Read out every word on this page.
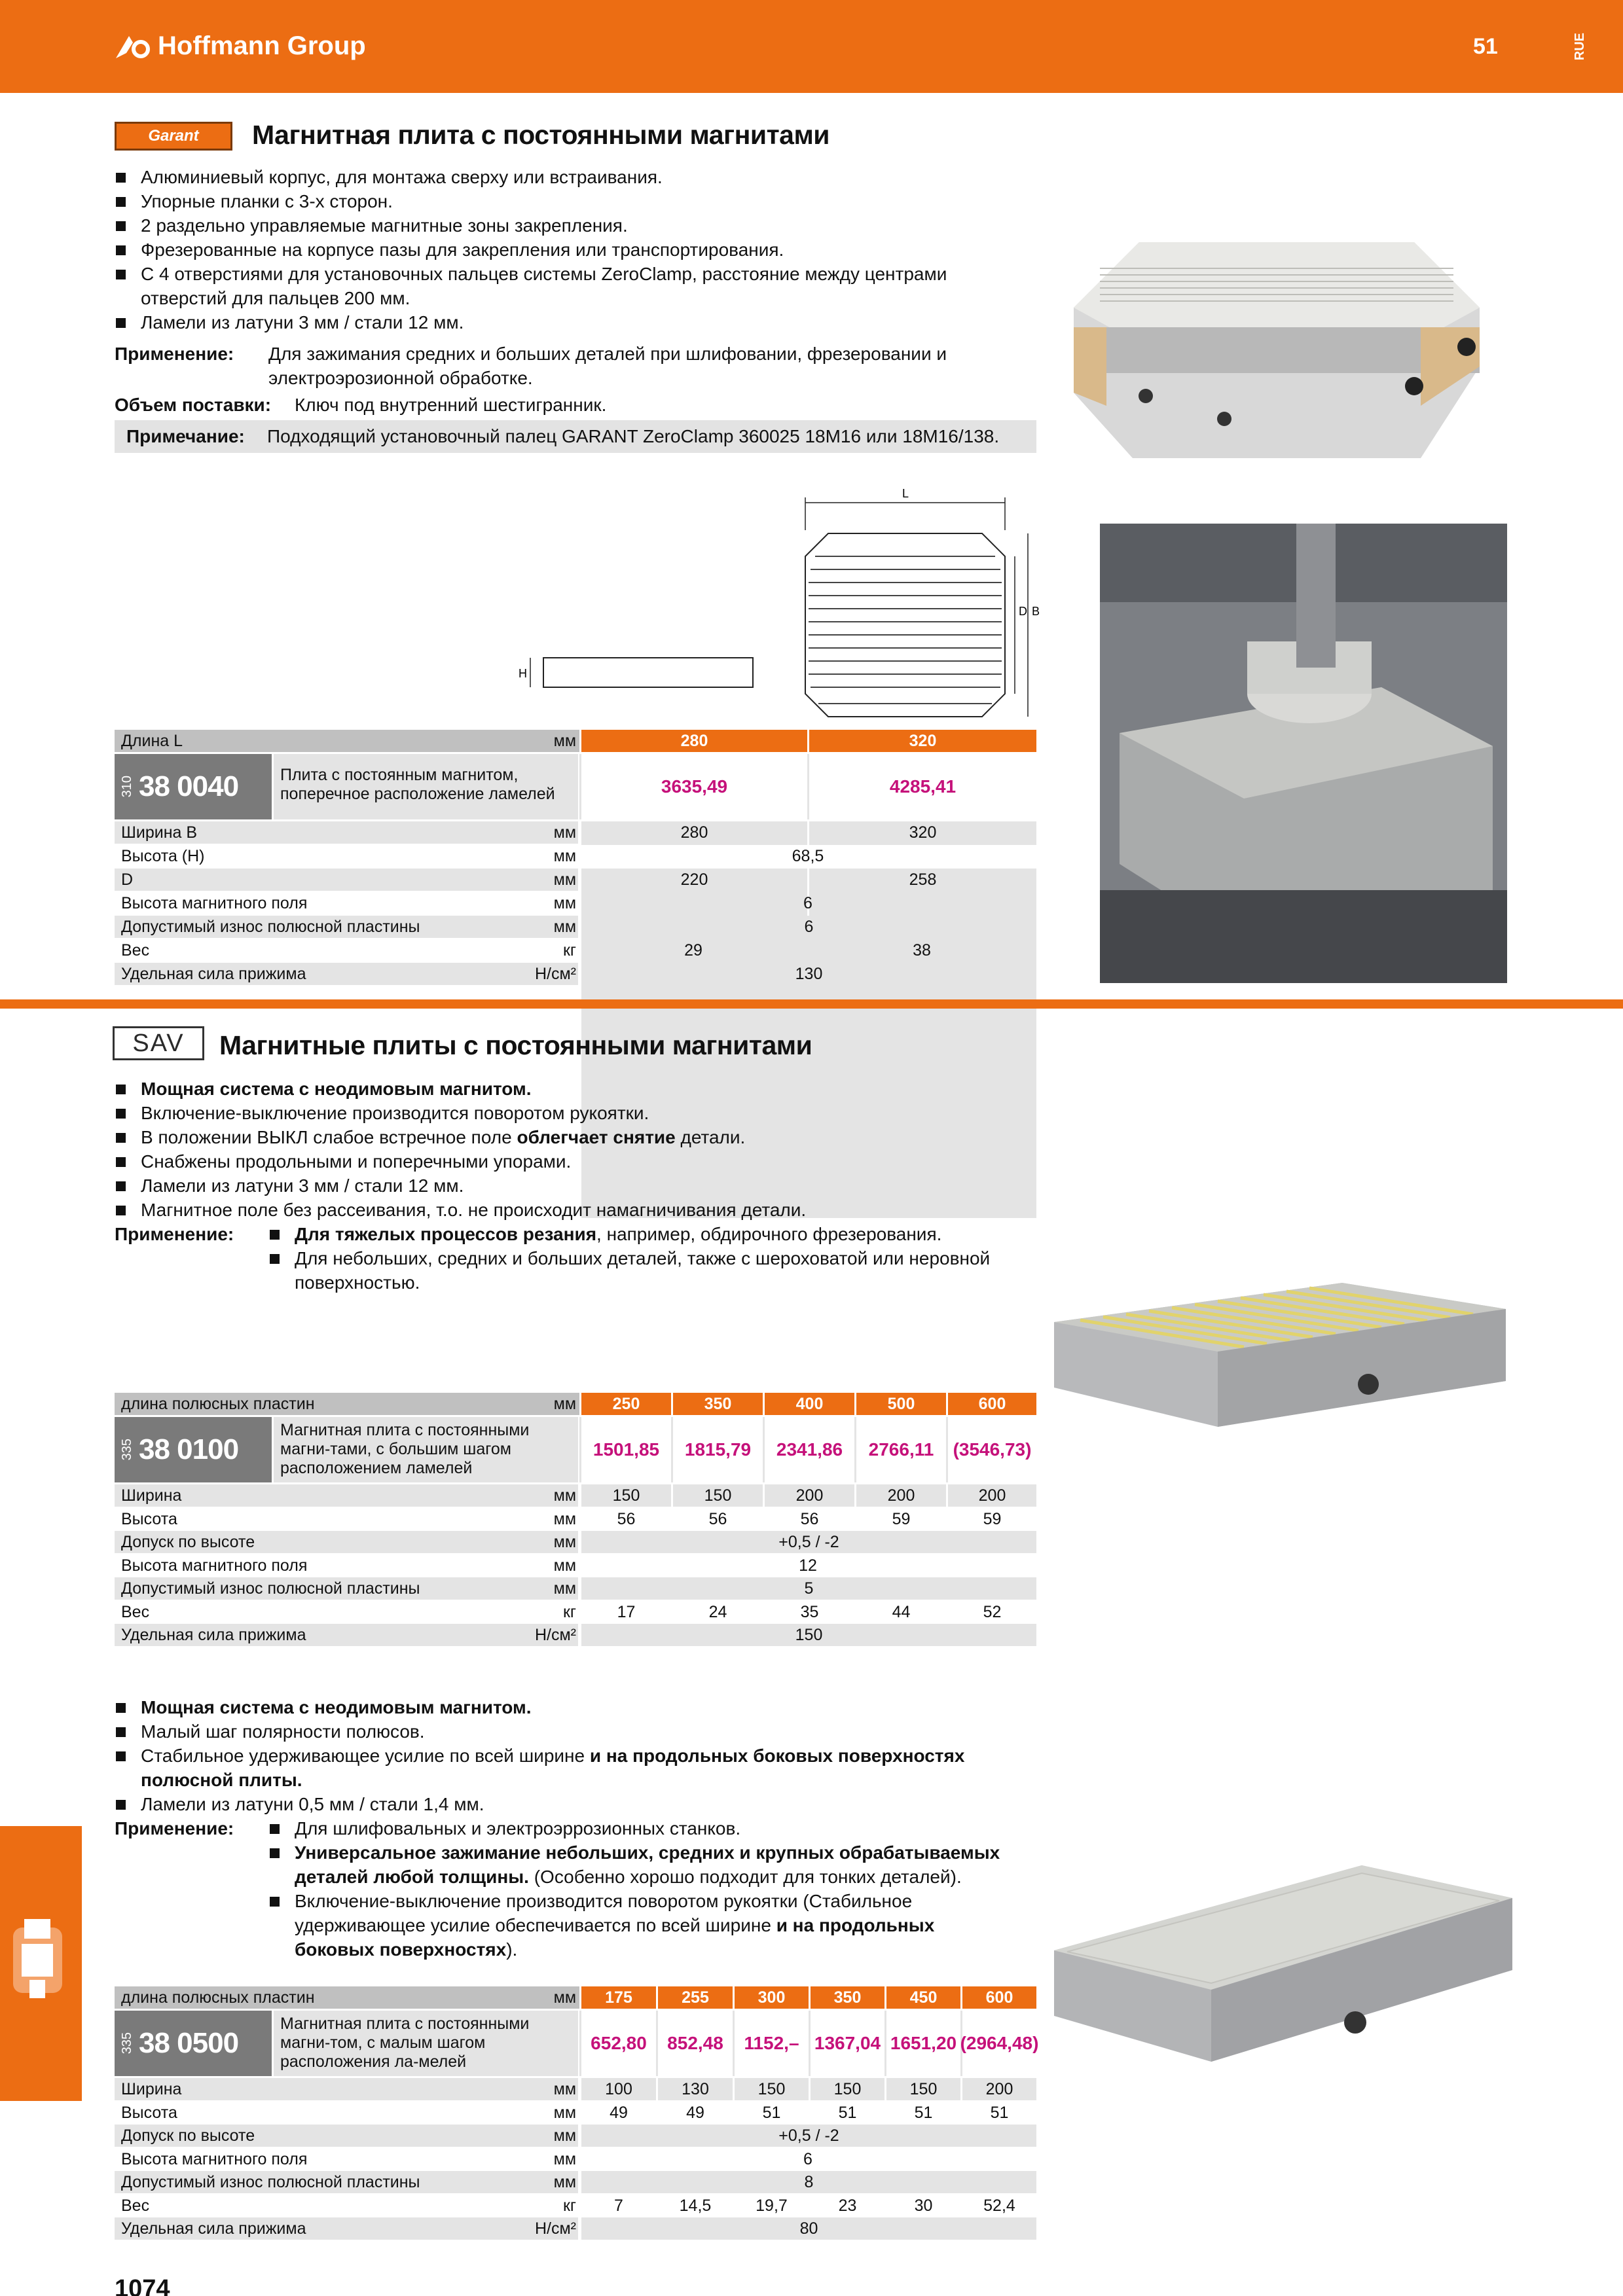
Hoffmann Group	51	RUE
Garant Магнитная плита с постоянными магнитами
Алюминиевый корпус, для монтажа сверху или встраивания.
Упорные планки с 3-х сторон.
2 раздельно управляемые магнитные зоны закрепления.
Фрезерованные на корпусе пазы для закрепления или транспортирования.
С 4 отверстиями для установочных пальцев системы ZeroClamp, расстояние между центрами
отверстий для пальцев 200 мм.
Ламели из латуни 3 мм / стали 12 мм.
Применение:	Для зажимания средних и больших деталей при шлифовании, фрезеровании и
электроэрозионной обработке.
Объем поставки:	Ключ под внутренний шестигранник.
Примечание:	Подходящий установочный палец GARANT ZeroClamp 360025 18M16 или 18M16/138.
L
D B
H
Длина L	мм	280	320
310 38 0040	Плита с постоянным магнитом, поперечное расположение ламелей	3635,49	4285,41
Ширина B	мм	280	320
Высота (H)	мм	68,5
D	мм	220	258
Высота магнитного поля	мм	6
Допустимый износ полюсной пластины	мм	6
Вес	кг	29	38
Удельная сила прижима	Н/см²	130
SAV Магнитные плиты с постоянными магнитами
Мощная система с неодимовым магнитом.
Включение-выключение производится поворотом рукоятки.
В положении ВЫКЛ слабое встречное поле облегчает снятие детали.
Снабжены продольными и поперечными упорами.
Ламели из латуни 3 мм / стали 12 мм.
Магнитное поле без рассеивания, т.о. не происходит намагничивания детали.
Применение:	Для тяжелых процессов резания, например, обдирочного фрезерования.
Для небольших, средних и больших деталей, также с шероховатой или неровной
поверхностью.
длина полюсных пластин	мм	250	350	400	500	600
335 38 0100
Магнитная плита с постоянными магни-тами, с большим шагом расположением ламелей
1501,85	1815,79	2341,86	2766,11	(3546,73)
Ширина	мм	150	150	200	200	200
Высота	мм	56	56	56	59	59
Допуск по высоте	мм	+0,5 / -2
Высота магнитного поля	мм	12
Допустимый износ полюсной пластины	мм	5
Вес	кг	17	24	35	44	52
Удельная сила прижима	Н/см²	150
Мощная система с неодимовым магнитом.
Малый шаг полярности полюсов.
Стабильное удерживающее усилие по всей ширине и на продольных боковых поверхностях
полюсной плиты.
Ламели из латуни 0,5 мм / стали 1,4 мм.
Применение:	Для шлифовальных и электроэррозионных станков.
Универсальное зажимание небольших, средних и крупных обрабатываемых
деталей любой толщины. (Особенно хорошо подходит для тонких деталей).
Включение-выключение производится поворотом рукоятки (Стабильное
удерживающее усилие обеспечивается по всей ширине и на продольных
боковых поверхностях).
длина полюсных пластин	мм	175	255	300	350	450	600
335 38 0500
Магнитная плита с постоянными магни-том, с малым шагом расположения ла-мелей
652,80	852,48	1152,– 1367,04 1651,20 (2964,48)
Ширина	мм	100	130	150	150	150	200
Высота	мм	49	49	51	51	51	51
Допуск по высоте	мм	+0,5 / -2
Высота магнитного поля	мм	6
Допустимый износ полюсной пластины	мм	8
Вес	кг	7	14,5	19,7	23	30	52,4
Удельная сила прижима	Н/см²	80
1074
